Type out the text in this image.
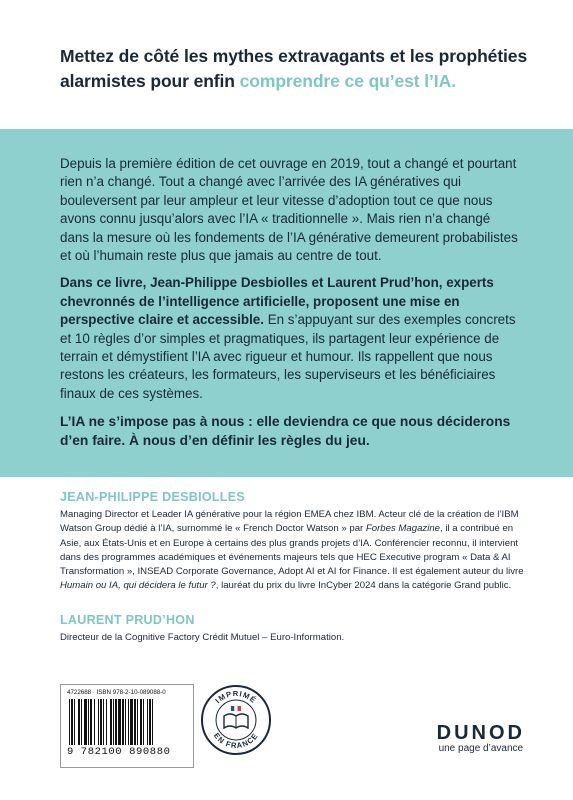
Mettez de côté les mythes extravagants et les prophéties alarmistes pour enfin comprendre ce qu’est l’IA.

Depuis la première édition de cet ouvrage en 2019, tout a changé et pourtant rien n’a changé. Tout a changé avec l’arrivée des IA génératives qui bouleversent par leur ampleur et leur vitesse d’adoption tout ce que nous avons connu jusqu’alors avec l’IA « traditionnelle ». Mais rien n’a changé dans la mesure où les fondements de l’IA générative demeurent probabilistes et où l’humain reste plus que jamais au centre de tout.

Dans ce livre, Jean-Philippe Desbiolles et Laurent Prud’hon, experts chevronnés de l’intelligence artificielle, proposent une mise en perspective claire et accessible. En s’appuyant sur des exemples concrets et 10 règles d’or simples et pragmatiques, ils partagent leur expérience de terrain et démystifient l’IA avec rigueur et humour. Ils rappellent que nous restons les créateurs, les formateurs, les superviseurs et les bénéficiaires finaux de ces systèmes.

L’IA ne s’impose pas à nous : elle deviendra ce que nous déciderons d’en faire. À nous d’en définir les règles du jeu.

JEAN-PHILIPPE DESBIOLLES
Managing Director et Leader IA générative pour la région EMEA chez IBM. Acteur clé de la création de l’IBM Watson Group dédié à l’IA, surnommé le « French Doctor Watson » par Forbes Magazine, il a contribué en Asie, aux États-Unis et en Europe à certains des plus grands projets d’IA. Conférencier reconnu, il intervient dans des programmes académiques et événements majeurs tels que HEC Executive program « Data & AI Transformation », INSEAD Corporate Governance, Adopt AI et AI for Finance. Il est également auteur du livre Humain ou IA, qui décidera le futur ?, lauréat du prix du livre InCyber 2024 dans la catégorie Grand public.
LAURENT PRUD’HON
Directeur de la Cognitive Factory Crédit Mutuel – Euro-Information.
4722688 · ISBN 978-2-10-089088-0
9 782100 890880
IMPRIMÉ
EN FRANCE	DUNOD
une page d’avance
